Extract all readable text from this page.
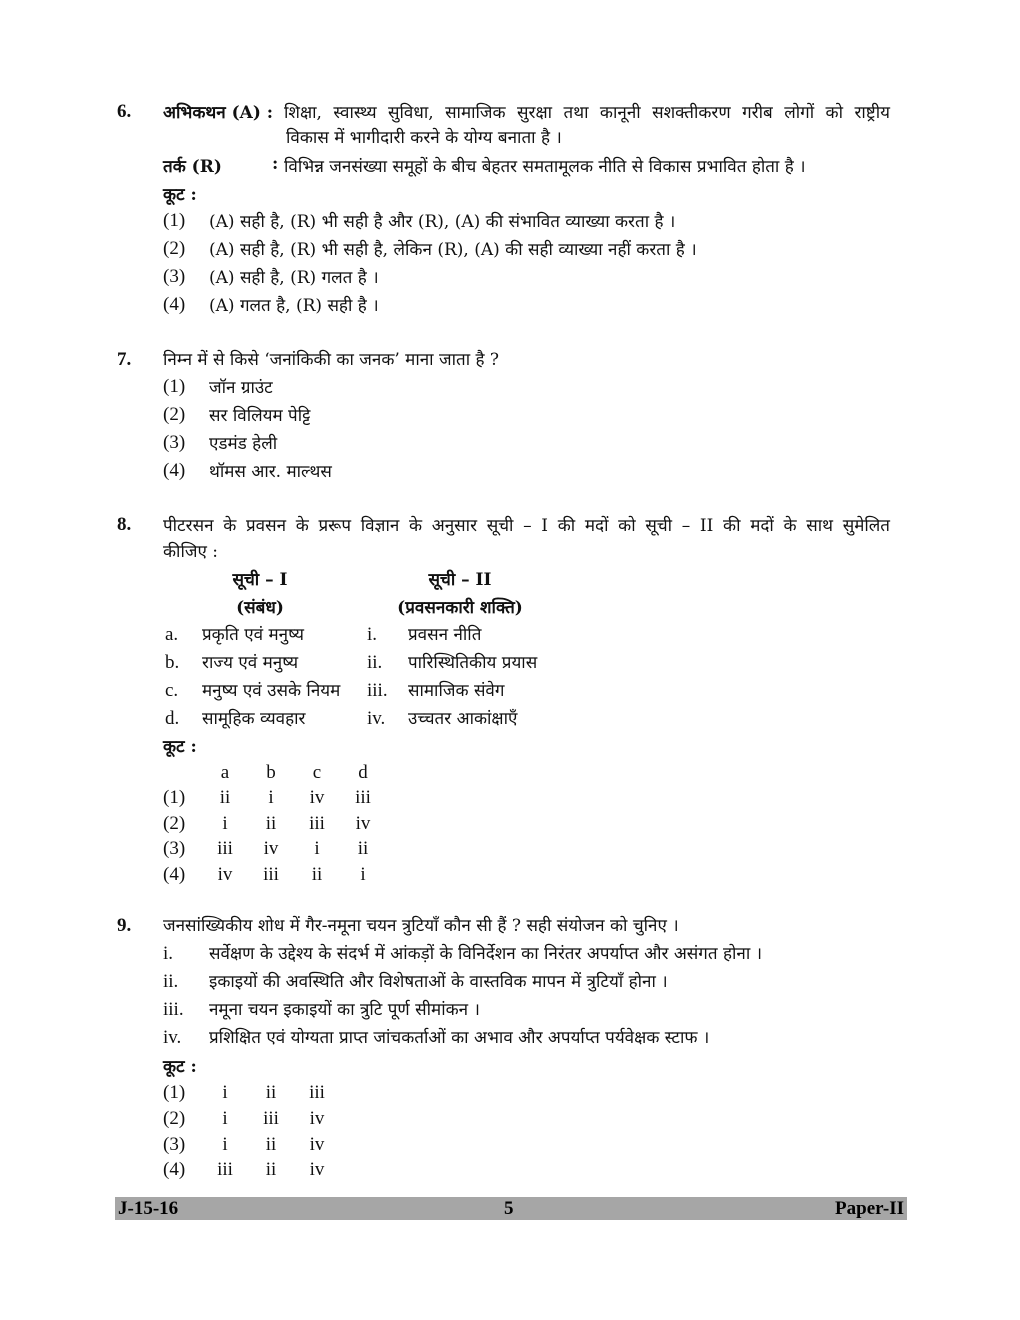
6. अभिकथन (A) : शिक्षा, स्वास्थ्य सुविधा, सामाजिक सुरक्षा तथा कानूनी सशक्तीकरण गरीब लोगों को राष्ट्रीय
विकास में भागीदारी करने के योग्य बनाता है ।
तर्क (R)	: विभिन्न जनसंख्या समूहों के बीच बेहतर समतामूलक नीति से विकास प्रभावित होता है ।
कूट :
(1) (A) सही है, (R) भी सही है और (R), (A) की संभावित व्याख्या करता है ।
(2) (A) सही है, (R) भी सही है, लेकिन (R), (A) की सही व्याख्या नहीं करता है ।
(3) (A) सही है, (R) गलत है ।
(4) (A) गलत है, (R) सही है ।
7. निम्न में से किसे ‘जनांकिकी का जनक’ माना जाता है ?
(1) जॉन ग्राउंट
(2) सर विलियम पेट्टि
(3) एडमंड हेली
(4) थॉमस आर. माल्थस
8. पीटरसन के प्रवसन के प्ररूप विज्ञान के अनुसार सूची – I की मदों को सूची – II की मदों के साथ सुमेलित
कीजिए :
सूची – I
(संबंध)
सूची – II
(प्रवसनकारी शक्ति)
a. प्रकृति एवं मनुष्य	i. प्रवसन नीति
b. राज्य एवं मनुष्य	ii. पारिस्थितिकीय प्रयास
c. मनुष्य एवं उसके नियम iii. सामाजिक संवेग
d. सामूहिक व्यवहार	iv. उच्चतर आकांक्षाएँ
कूट :
a	b	c	d
(1)	ii	i	iv	iii
(2)	i	ii	iii	iv
(3)	iii	iv	i	ii
(4)	iv	iii	ii	i
9. जनसांख्यिकीय शोध में गैर-नमूना चयन त्रुटियाँ कौन सी हैं ? सही संयोजन को चुनिए ।
i. सर्वेक्षण के उद्देश्य के संदर्भ में आंकड़ों के विनिर्देशन का निरंतर अपर्याप्त और असंगत होना ।
ii. इकाइयों की अवस्थिति और विशेषताओं के वास्तविक मापन में त्रुटियाँ होना ।
iii. नमूना चयन इकाइयों का त्रुटि पूर्ण सीमांकन ।
iv. प्रशिक्षित एवं योग्यता प्राप्त जांचकर्ताओं का अभाव और अपर्याप्त पर्यवेक्षक स्टाफ ।
कूट :
(1)	i	ii	iii
(2)	i	iii	iv
(3)	i	ii	iv
(4)	iii	ii	iv
J-15-16	5	Paper-II
